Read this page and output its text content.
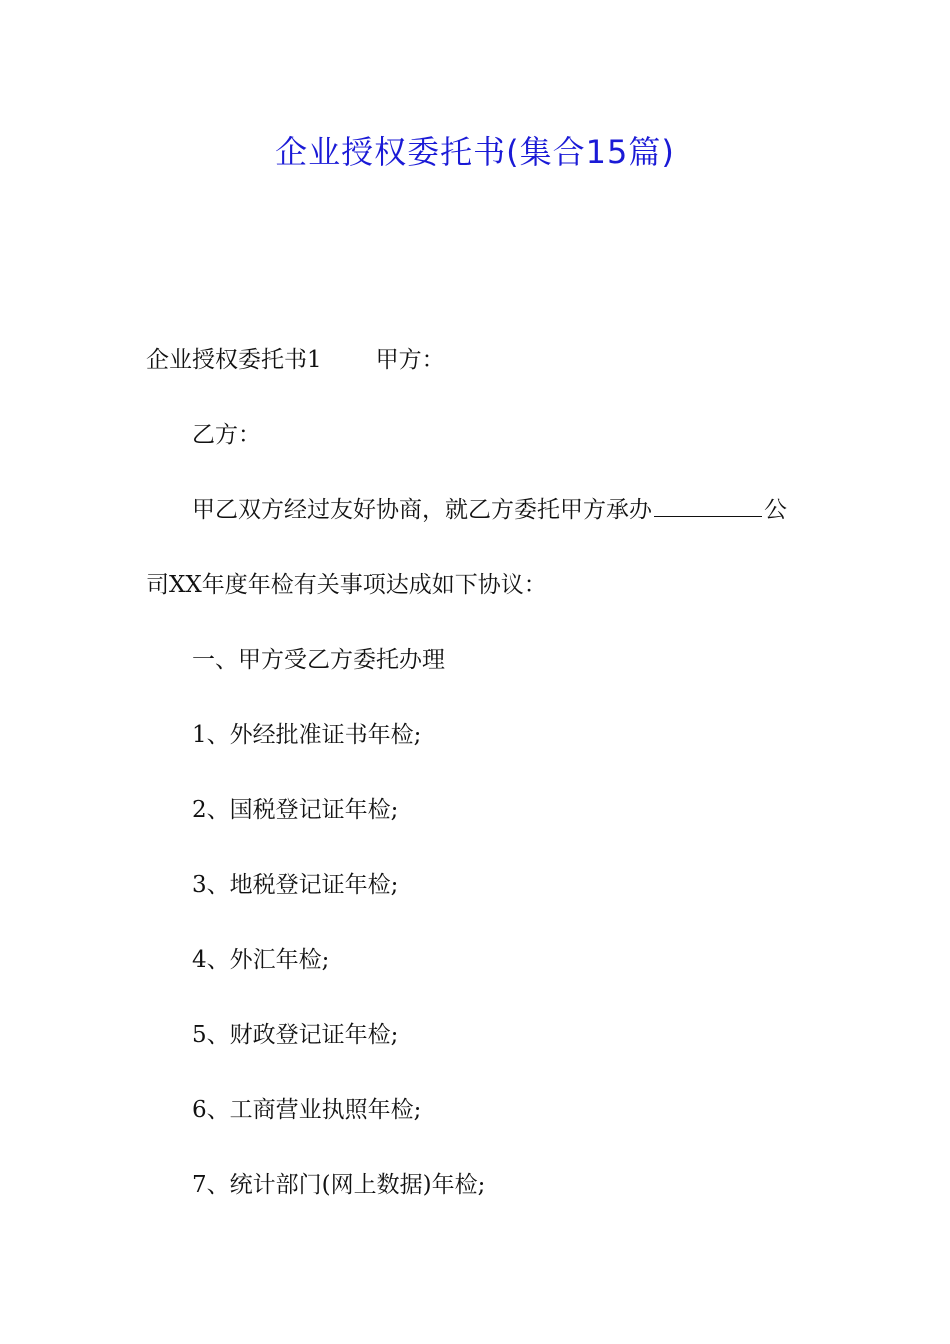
企业授权委托书(集合15篇)
企业授权委托书1 甲方：
乙方：
甲乙双方经过友好协商，就乙方委托甲方承办	公
司XX年度年检有关事项达成如下协议：
一、甲方受乙方委托办理
1、外经批准证书年检;
2、国税登记证年检;
3、地税登记证年检;
4、外汇年检;
5、财政登记证年检;
6、工商营业执照年检;
7、统计部门(网上数据)年检;
